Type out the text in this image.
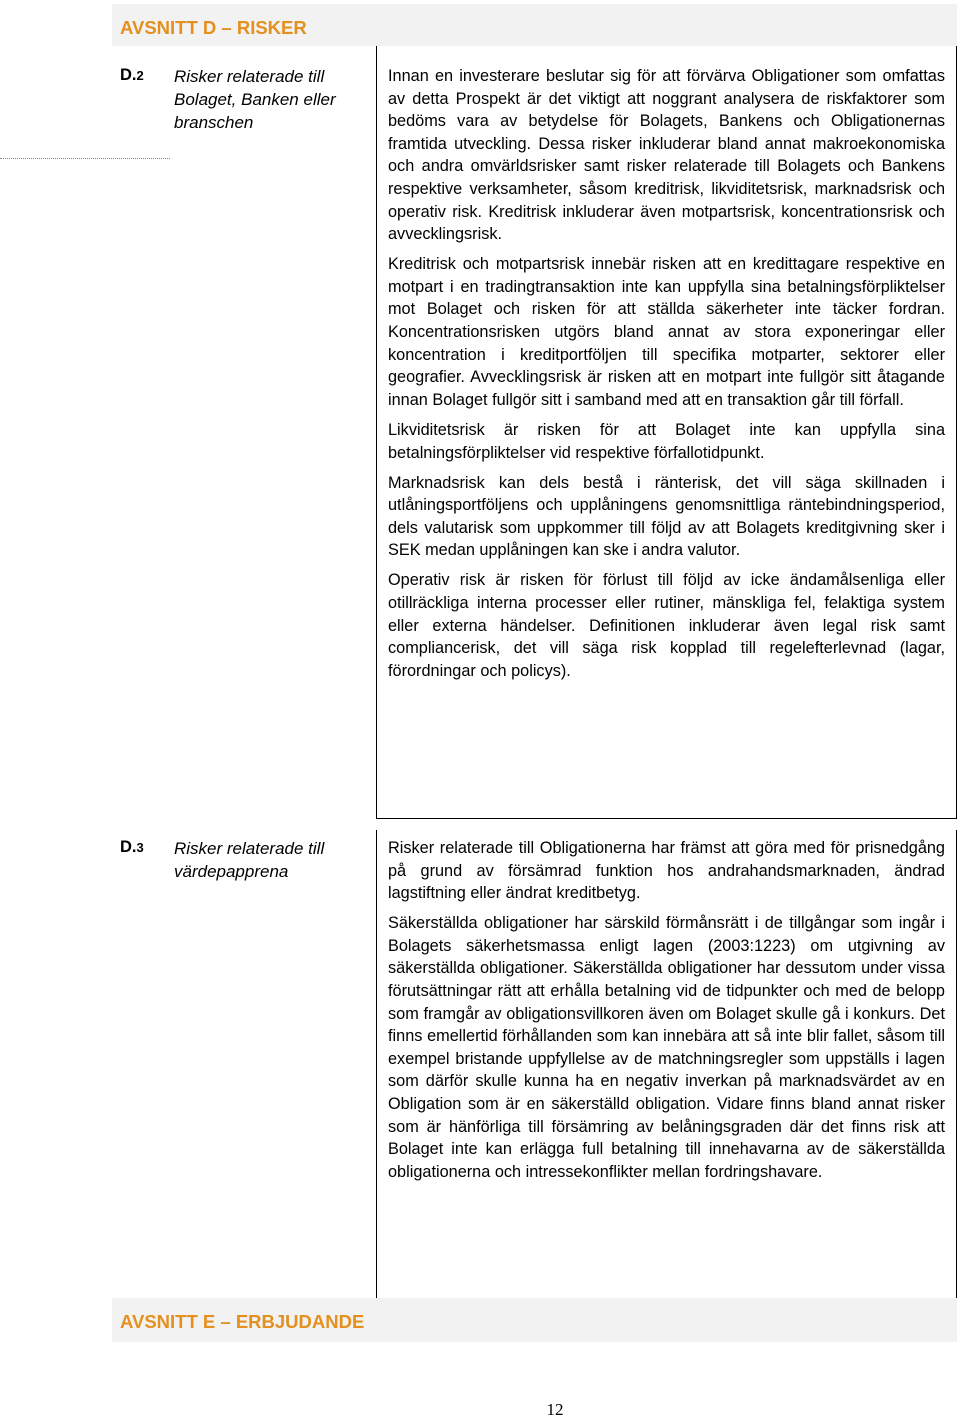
AVSNITT D – RISKER
D.2 Risker relaterade till Bolaget, Banken eller branschen

Innan en investerare beslutar sig för att förvärva Obligationer som omfattas av detta Prospekt är det viktigt att noggrant analysera de riskfaktorer som bedöms vara av betydelse för Bolagets, Bankens och Obligationernas framtida utveckling. Dessa risker inkluderar bland annat makroekonomiska och andra omvärldsrisker samt risker relaterade till Bolagets och Bankens respektive verksamheter, såsom kreditrisk, likviditetsrisk, marknadsrisk och operativ risk. Kreditrisk inkluderar även motpartsrisk, koncentrationsrisk och avvecklingsrisk.

Kreditrisk och motpartsrisk innebär risken att en kredittagare respektive en motpart i en tradingtransaktion inte kan uppfylla sina betalningsförpliktelser mot Bolaget och risken för att ställda säkerheter inte täcker fordran. Koncentrationsrisken utgörs bland annat av stora exponeringar eller koncentration i kreditportföljen till specifika motparter, sektorer eller geografier. Avvecklingsrisk är risken att en motpart inte fullgör sitt åtagande innan Bolaget fullgör sitt i samband med att en transaktion går till förfall.

Likviditetsrisk är risken för att Bolaget inte kan uppfylla sina betalningsförpliktelser vid respektive förfallotidpunkt.

Marknadsrisk kan dels bestå i ränterisk, det vill säga skillnaden i utlåningsportföljens och upplåningens genomsnittliga räntebindningsperiod, dels valutarisk som uppkommer till följd av att Bolagets kreditgivning sker i SEK medan upplåningen kan ske i andra valutor.

Operativ risk är risken för förlust till följd av icke ändamålsenliga eller otillräckliga interna processer eller rutiner, mänskliga fel, felaktiga system eller externa händelser. Definitionen inkluderar även legal risk samt compliancerisk, det vill säga risk kopplad till regelefterlevnad (lagar, förordningar och policys).

D.3 Risker relaterade till värdepapprena

Risker relaterade till Obligationerna har främst att göra med för prisnedgång på grund av försämrad funktion hos andrahandsmarknaden, ändrad lagstiftning eller ändrat kreditbetyg.

Säkerställda obligationer har särskild förmånsrätt i de tillgångar som ingår i Bolagets säkerhetsmassa enligt lagen (2003:1223) om utgivning av säkerställda obligationer. Säkerställda obligationer har dessutom under vissa förutsättningar rätt att erhålla betalning vid de tidpunkter och med de belopp som framgår av obligationsvillkoren även om Bolaget skulle gå i konkurs. Det finns emellertid förhållanden som kan innebära att så inte blir fallet, såsom till exempel bristande uppfyllelse av de matchningsregler som uppställs i lagen som därför skulle kunna ha en negativ inverkan på marknadsvärdet av en Obligation som är en säkerställd obligation. Vidare finns bland annat risker som är hänförliga till försämring av belåningsgraden där det finns risk att Bolaget inte kan erlägga full betalning till innehavarna av de säkerställda obligationerna och intressekonflikter mellan fordringshavare.

AVSNITT E – ERBJUDANDE
12
